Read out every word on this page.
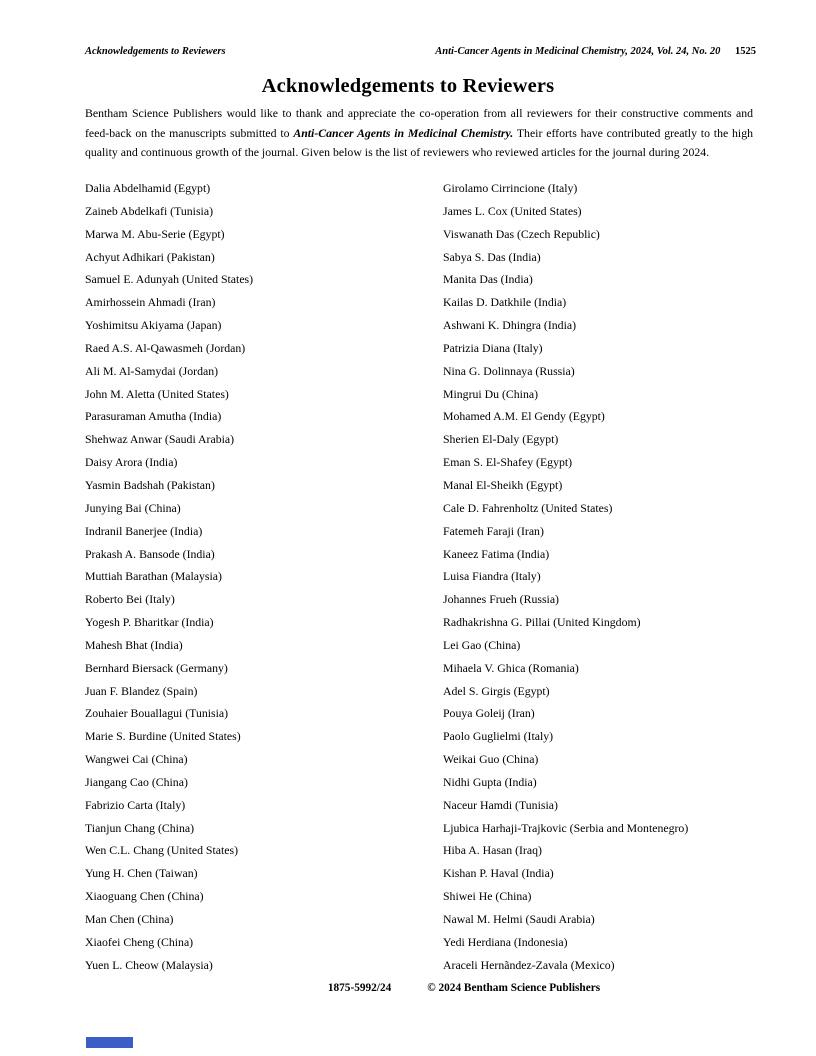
Acknowledgements to Reviewers	Anti-Cancer Agents in Medicinal Chemistry, 2024, Vol. 24, No. 20 1525
Acknowledgements to Reviewers

Bentham Science Publishers would like to thank and appreciate the co-operation from all reviewers for their constructive comments and feed-back on the manuscripts submitted to Anti-Cancer Agents in Medicinal Chemistry. Their efforts have contributed greatly to the high quality and continuous growth of the journal. Given below is the list of reviewers who reviewed articles for the journal during 2024.

Dalia Abdelhamid (Egypt)
Zaineb Abdelkafi (Tunisia)
Marwa M. Abu-Serie (Egypt)
Achyut Adhikari (Pakistan)
Samuel E. Adunyah (United States)
Amirhossein Ahmadi (Iran)
Yoshimitsu Akiyama (Japan)
Raed A.S. Al-Qawasmeh (Jordan)
Ali M. Al-Samydai (Jordan)
John M. Aletta (United States)
Parasuraman Amutha (India)
Shehwaz Anwar (Saudi Arabia)
Daisy Arora (India)
Yasmin Badshah (Pakistan)
Junying Bai (China)
Indranil Banerjee (India)
Prakash A. Bansode (India)
Muttiah Barathan (Malaysia)
Roberto Bei (Italy)
Yogesh P. Bharitkar (India)
Mahesh Bhat (India)
Bernhard Biersack (Germany)
Juan F. Blandez (Spain)
Zouhaier Bouallagui (Tunisia)
Marie S. Burdine (United States)
Wangwei Cai (China)
Jiangang Cao (China)
Fabrizio Carta (Italy)
Tianjun Chang (China)
Wen C.L. Chang (United States)
Yung H. Chen (Taiwan)
Xiaoguang Chen (China)
Man Chen (China)
Xiaofei Cheng (China)
Yuen L. Cheow (Malaysia)
Girolamo Cirrincione (Italy)
James L. Cox (United States)
Viswanath Das (Czech Republic)
Sabya S. Das (India)
Manita Das (India)
Kailas D. Datkhile (India)
Ashwani K. Dhingra (India)
Patrizia Diana (Italy)
Nina G. Dolinnaya (Russia)
Mingrui Du (China)
Mohamed A.M. El Gendy (Egypt)
Sherien El-Daly (Egypt)
Eman S. El-Shafey (Egypt)
Manal El-Sheikh (Egypt)
Cale D. Fahrenholtz (United States)
Fatemeh Faraji (Iran)
Kaneez Fatima (India)
Luisa Fiandra (Italy)
Johannes Frueh (Russia)
Radhakrishna G. Pillai (United Kingdom)
Lei Gao (China)
Mihaela V. Ghica (Romania)
Adel S. Girgis (Egypt)
Pouya Goleij (Iran)
Paolo Guglielmi (Italy)
Weikai Guo (China)
Nidhi Gupta (India)
Naceur Hamdi (Tunisia)
Ljubica Harhaji-Trajkovic (Serbia and Montenegro)
Hiba A. Hasan (Iraq)
Kishan P. Haval (India)
Shiwei He (China)
Nawal M. Helmi (Saudi Arabia)
Yedi Herdiana (Indonesia)
Araceli Hernãndez-Zavala (Mexico)
1875-5992/24	© 2024 Bentham Science Publishers
